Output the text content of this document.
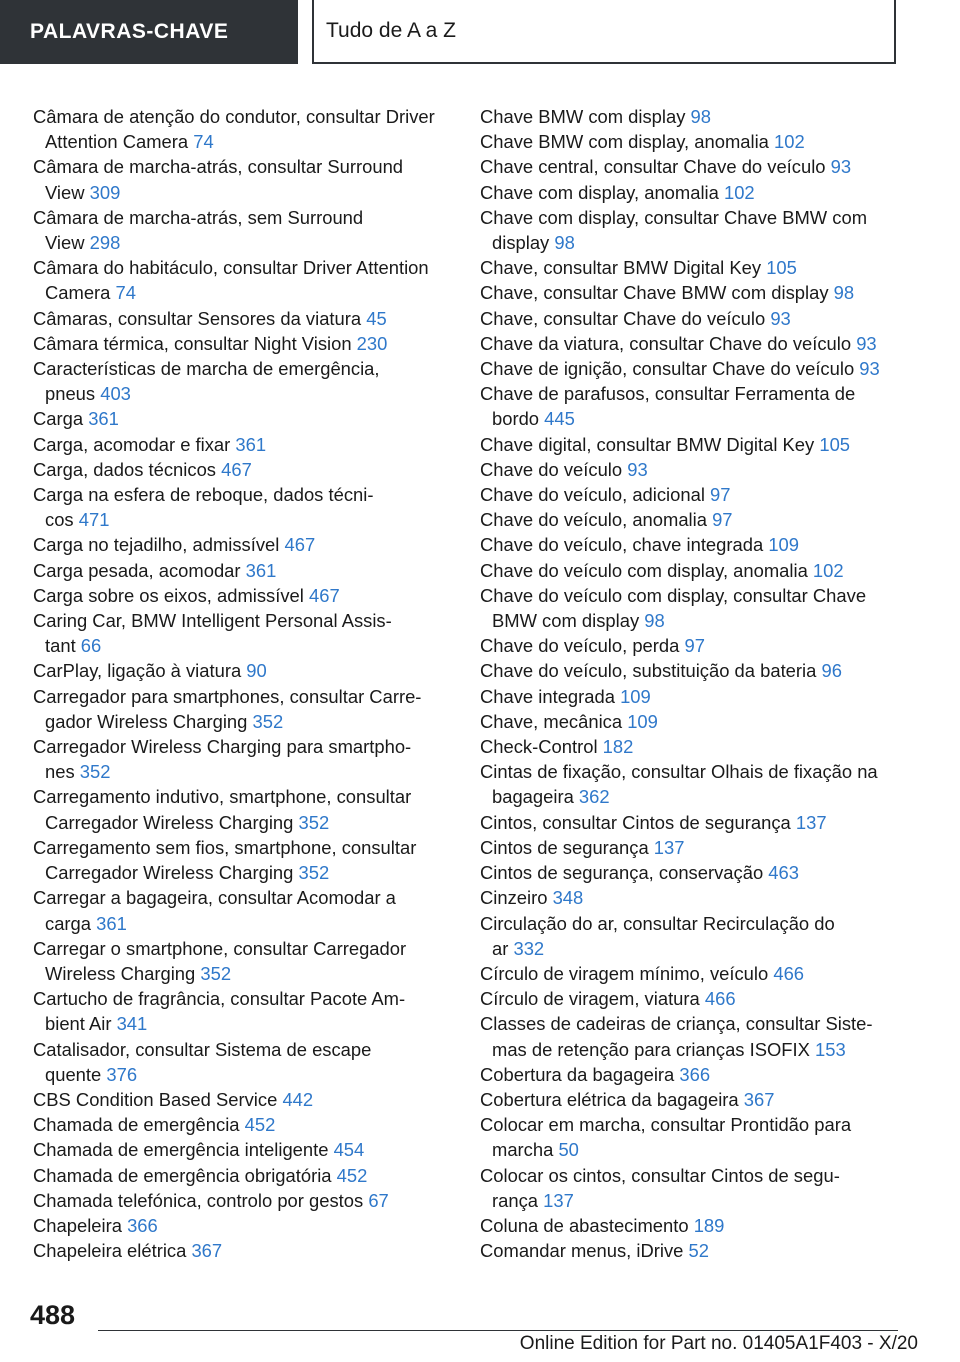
PALAVRAS-CHAVE	Tudo de A a Z
Câmara de atenção do condutor, consultar Driver
Attention Camera 74
Câmara de marcha-atrás, consultar Surround
View 309
Câmara de marcha-atrás, sem Surround
View 298
Câmara do habitáculo, consultar Driver Attention
Camera 74
Câmaras, consultar Sensores da viatura 45
Câmara térmica, consultar Night Vision 230
Características de marcha de emergência,
pneus 403
Carga 361
Carga, acomodar e fixar 361
Carga, dados técnicos 467
Carga na esfera de reboque, dados técni-
cos 471
Carga no tejadilho, admissível 467
Carga pesada, acomodar 361
Carga sobre os eixos, admissível 467
Caring Car, BMW Intelligent Personal Assis-
tant 66
CarPlay, ligação à viatura 90
Carregador para smartphones, consultar Carre-
gador Wireless Charging 352
Carregador Wireless Charging para smartpho-
nes 352
Carregamento indutivo, smartphone, consultar
Carregador Wireless Charging 352
Carregamento sem fios, smartphone, consultar
Carregador Wireless Charging 352
Carregar a bagageira, consultar Acomodar a
carga 361
Carregar o smartphone, consultar Carregador
Wireless Charging 352
Cartucho de fragrância, consultar Pacote Am-
bient Air 341
Catalisador, consultar Sistema de escape
quente 376
CBS Condition Based Service 442
Chamada de emergência 452
Chamada de emergência inteligente 454
Chamada de emergência obrigatória 452
Chamada telefónica, controlo por gestos 67
Chapeleira 366
Chapeleira elétrica 367
Chave BMW com display 98
Chave BMW com display, anomalia 102
Chave central, consultar Chave do veículo 93
Chave com display, anomalia 102
Chave com display, consultar Chave BMW com
display 98
Chave, consultar BMW Digital Key 105
Chave, consultar Chave BMW com display 98
Chave, consultar Chave do veículo 93
Chave da viatura, consultar Chave do veículo 93
Chave de ignição, consultar Chave do veículo 93
Chave de parafusos, consultar Ferramenta de
bordo 445
Chave digital, consultar BMW Digital Key 105
Chave do veículo 93
Chave do veículo, adicional 97
Chave do veículo, anomalia 97
Chave do veículo, chave integrada 109
Chave do veículo com display, anomalia 102
Chave do veículo com display, consultar Chave
BMW com display 98
Chave do veículo, perda 97
Chave do veículo, substituição da bateria 96
Chave integrada 109
Chave, mecânica 109
Check-Control 182
Cintas de fixação, consultar Olhais de fixação na
bagageira 362
Cintos, consultar Cintos de segurança 137
Cintos de segurança 137
Cintos de segurança, conservação 463
Cinzeiro 348
Circulação do ar, consultar Recirculação do
ar 332
Círculo de viragem mínimo, veículo 466
Círculo de viragem, viatura 466
Classes de cadeiras de criança, consultar Siste-
mas de retenção para crianças ISOFIX 153
Cobertura da bagageira 366
Cobertura elétrica da bagageira 367
Colocar em marcha, consultar Prontidão para
marcha 50
Colocar os cintos, consultar Cintos de segu-
rança 137
Coluna de abastecimento 189
Comandar menus, iDrive 52
488
Online Edition for Part no. 01405A1F403 - X/20
